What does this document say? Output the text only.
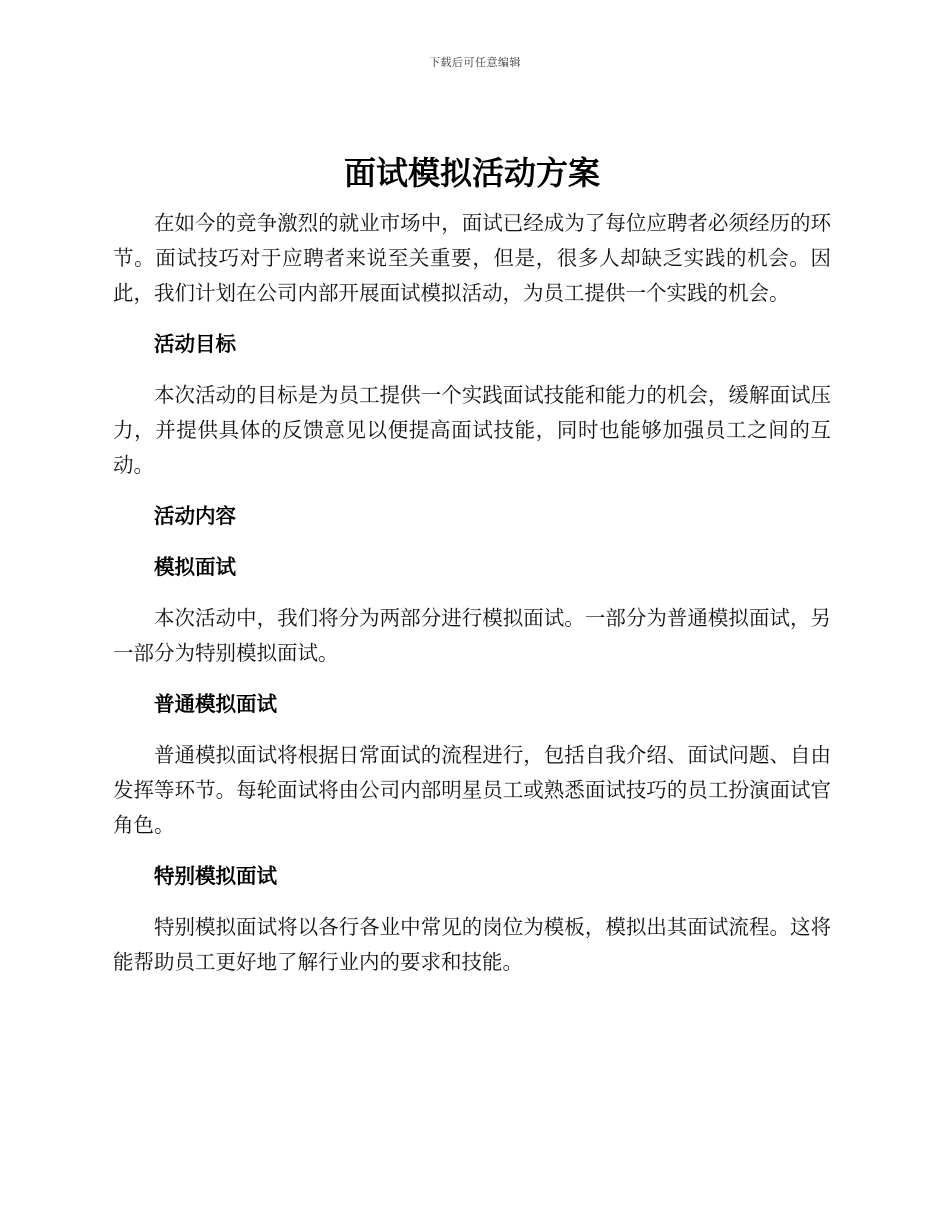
下载后可任意编辑
面试模拟活动方案

在如今的竞争激烈的就业市场中，面试已经成为了每位应聘者必须经历的环节。面试技巧对于应聘者来说至关重要，但是，很多人却缺乏实践的机会。因此，我们计划在公司内部开展面试模拟活动，为员工提供一个实践的机会。

活动目标

本次活动的目标是为员工提供一个实践面试技能和能力的机会，缓解面试压力，并提供具体的反馈意见以便提高面试技能，同时也能够加强员工之间的互动。

活动内容
模拟面试

本次活动中，我们将分为两部分进行模拟面试。一部分为普通模拟面试，另一部分为特别模拟面试。

普通模拟面试

普通模拟面试将根据日常面试的流程进行，包括自我介绍、面试问题、自由发挥等环节。每轮面试将由公司内部明星员工或熟悉面试技巧的员工扮演面试官角色。

特别模拟面试

特别模拟面试将以各行各业中常见的岗位为模板，模拟出其面试流程。这将能帮助员工更好地了解行业内的要求和技能。
